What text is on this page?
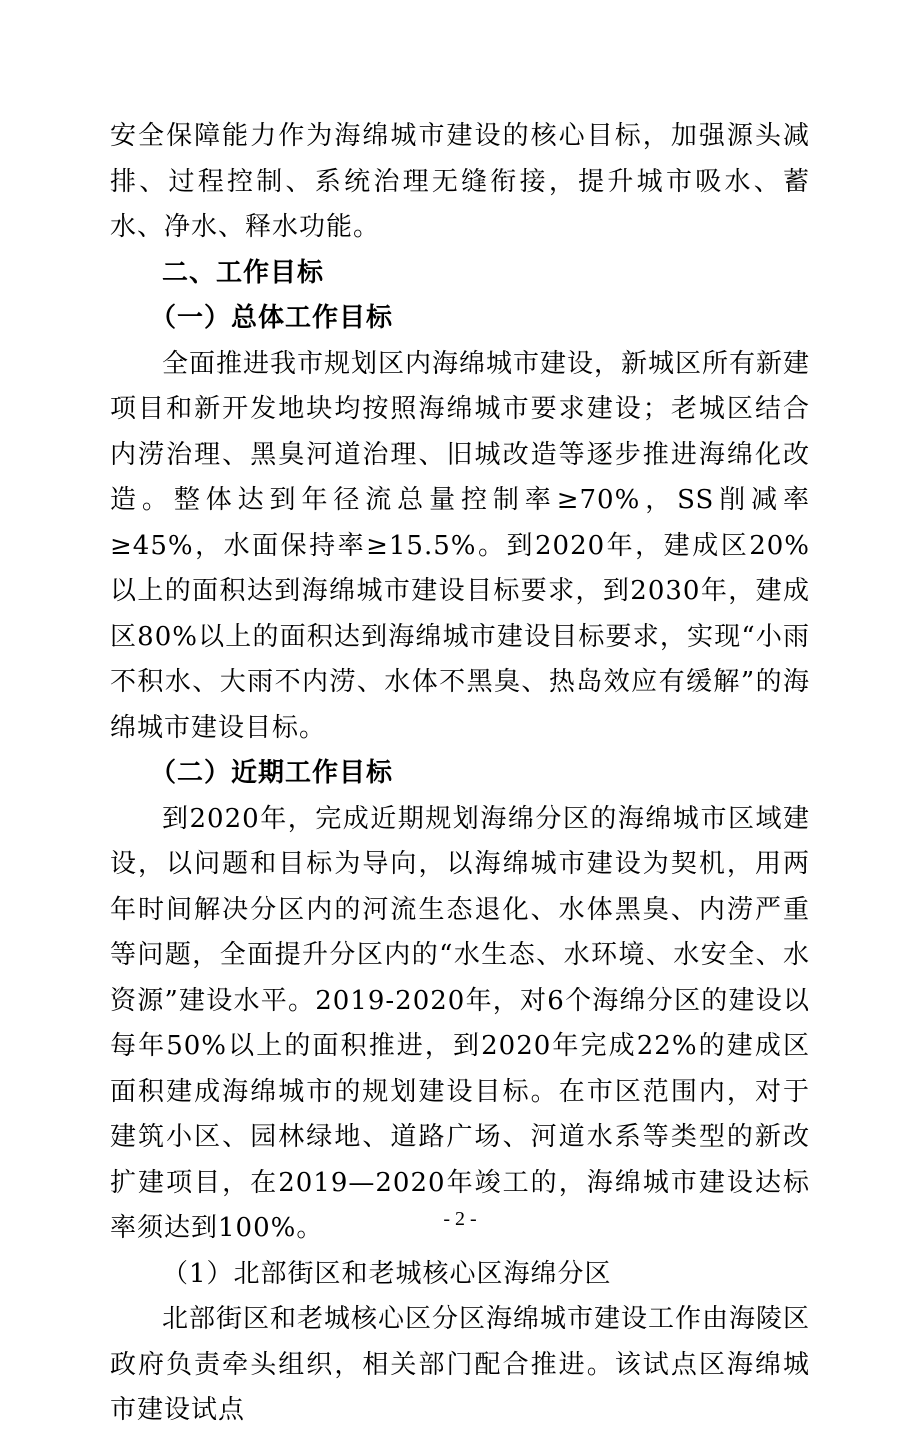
安全保障能力作为海绵城市建设的核心目标，加强源头减排、过程控制、系统治理无缝衔接，提升城市吸水、蓄水、净水、释水功能。

二、工作目标

（一）总体工作目标

全面推进我市规划区内海绵城市建设，新城区所有新建项目和新开发地块均按照海绵城市要求建设；老城区结合内涝治理、黑臭河道治理、旧城改造等逐步推进海绵化改造。整体达到年径流总量控制率≥70%，SS削减率≥45%，水面保持率≥15.5%。到2020年，建成区20%以上的面积达到海绵城市建设目标要求，到2030年，建成区80%以上的面积达到海绵城市建设目标要求，实现“小雨不积水、大雨不内涝、水体不黑臭、热岛效应有缓解”的海绵城市建设目标。

（二）近期工作目标

到2020年，完成近期规划海绵分区的海绵城市区域建设，以问题和目标为导向，以海绵城市建设为契机，用两年时间解决分区内的河流生态退化、水体黑臭、内涝严重等问题，全面提升分区内的“水生态、水环境、水安全、水资源”建设水平。2019-2020年，对6个海绵分区的建设以每年50%以上的面积推进，到2020年完成22%的建成区面积建成海绵城市的规划建设目标。在市区范围内，对于建筑小区、园林绿地、道路广场、河道水系等类型的新改扩建项目，在2019—2020年竣工的，海绵城市建设达标率须达到100%。

（1）北部街区和老城核心区海绵分区

北部街区和老城核心区分区海绵城市建设工作由海陵区政府负责牵头组织，相关部门配合推进。该试点区海绵城市建设试点

- 2 -
